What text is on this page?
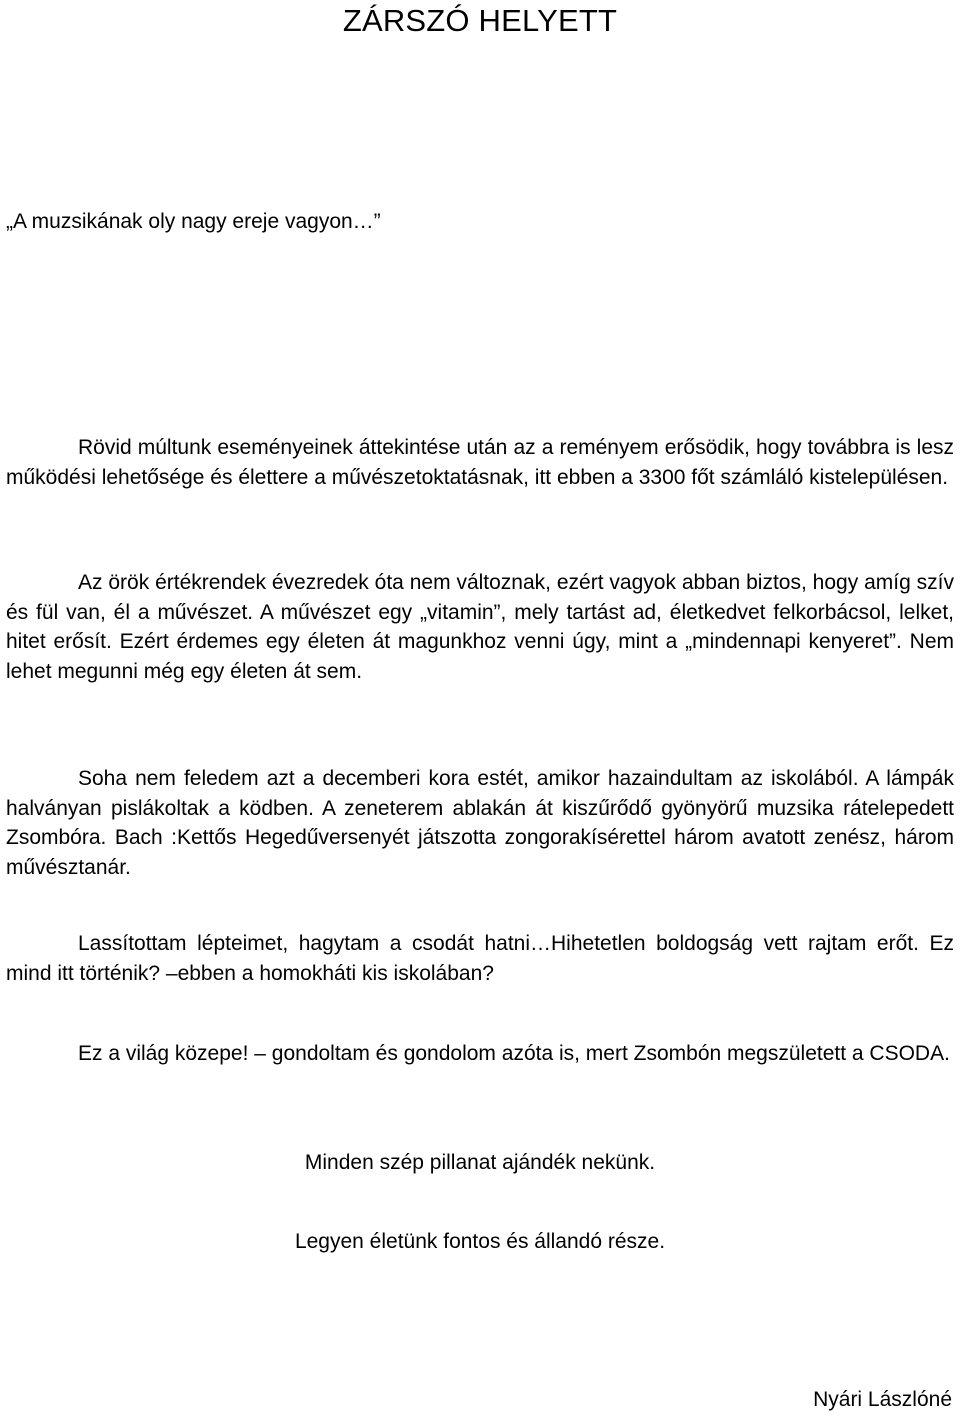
ZÁRSZÓ HELYETT

„A muzsikának oly nagy ereje vagyon…”

Rövid múltunk eseményeinek áttekintése után az a reményem erősödik, hogy továbbra is lesz működési lehetősége és élettere a művészetoktatásnak, itt ebben a 3300 főt számláló kistelepülésen.

Az örök értékrendek évezredek óta nem változnak, ezért vagyok abban biztos, hogy amíg szív és fül van, él a művészet. A művészet egy „vitamin”, mely tartást ad, életkedvet felkorbácsol, lelket, hitet erősít. Ezért érdemes egy életen át magunkhoz venni úgy, mint a „mindennapi kenyeret”. Nem lehet megunni még egy életen át sem.

Soha nem feledem azt a decemberi kora estét, amikor hazaindultam az iskolából. A lámpák halványan pislákoltak a ködben. A zeneterem ablakán át kiszűrődő gyönyörű muzsika rátelepedett Zsombóra. Bach :Kettős Hegedűversenyét játszotta zongorakísérettel három avatott zenész, három művésztanár.

Lassítottam lépteimet, hagytam a csodát hatni…Hihetetlen boldogság vett rajtam erőt. Ez mind itt történik? –ebben a homokháti kis iskolában?

Ez a világ közepe! – gondoltam és gondolom azóta is, mert Zsombón megszületett a CSODA.

Minden szép pillanat ajándék nekünk.

Legyen életünk fontos és állandó része.

Nyári Lászlóné
